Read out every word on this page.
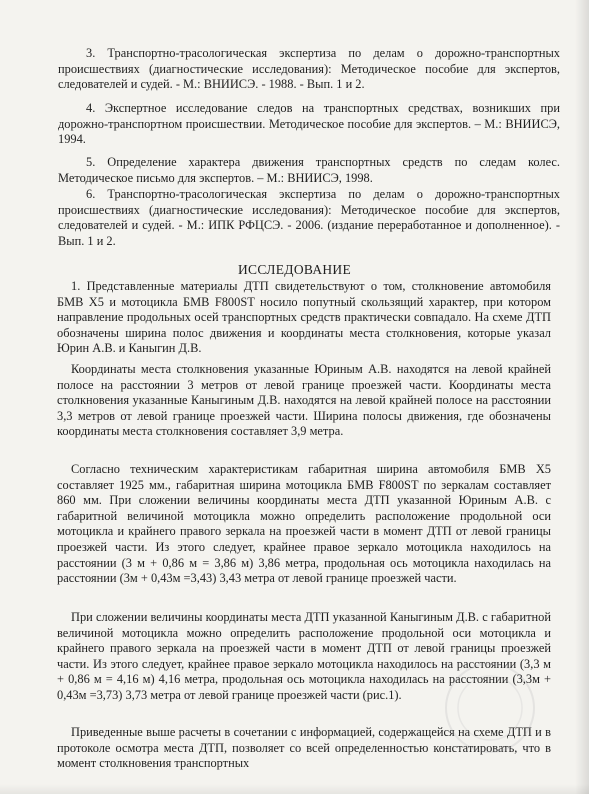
3. Транспортно-трасологическая экспертиза по делам о дорожно-транспортных происшествиях (диагностические исследования): Методическое пособие для экспертов, следователей и судей. - М.: ВНИИСЭ. - 1988. - Вып. 1 и 2.
4. Экспертное исследование следов на транспортных средствах, возникших при дорожно-транспортном происшествии. Методическое пособие для экспертов. – М.: ВНИИСЭ, 1994.
5. Определение характера движения транспортных средств по следам колес. Методическое письмо для экспертов. – М.: ВНИИСЭ, 1998.
6. Транспортно-трасологическая экспертиза по делам о дорожно-транспортных происшествиях (диагностические исследования): Методическое пособие для экспертов, следователей и судей. - М.: ИПК РФЦСЭ. - 2006. (издание переработанное и дополненное). - Вып. 1 и 2.
ИССЛЕДОВАНИЕ
1. Представленные материалы ДТП свидетельствуют о том, столкновение автомобиля БМВ Х5 и мотоцикла БМВ F800ST носило попутный скользящий характер, при котором направление продольных осей транспортных средств практически совпадало. На схеме ДТП обозначены ширина полос движения и координаты места столкновения, которые указал Юрин А.В. и Каныгин Д.В.
Координаты места столкновения указанные Юриным А.В. находятся на левой крайней полосе на расстоянии 3 метров от левой границе проезжей части. Координаты места столкновения указанные Каныгиным Д.В. находятся на левой крайней полосе на расстоянии 3,3 метров от левой границе проезжей части. Ширина полосы движения, где обозначены координаты места столкновения составляет 3,9 метра.
Согласно техническим характеристикам габаритная ширина автомобиля БМВ Х5 составляет 1925 мм., габаритная ширина мотоцикла БМВ F800ST по зеркалам составляет 860 мм. При сложении величины координаты места ДТП указанной Юриным А.В. с габаритной величиной мотоцикла можно определить расположение продольной оси мотоцикла и крайнего правого зеркала на проезжей части в момент ДТП от левой границы проезжей части. Из этого следует, крайнее правое зеркало мотоцикла находилось на расстоянии (3 м + 0,86 м = 3,86 м) 3,86 метра, продольная ось мотоцикла находилась на расстоянии (3м + 0,43м =3,43) 3,43 метра от левой границе проезжей части.
При сложении величины координаты места ДТП указанной Каныгиным Д.В. с габаритной величиной мотоцикла можно определить расположение продольной оси мотоцикла и крайнего правого зеркала на проезжей части в момент ДТП от левой границы проезжей части. Из этого следует, крайнее правое зеркало мотоцикла находилось на расстоянии (3,3 м + 0,86 м = 4,16 м) 4,16 метра, продольная ось мотоцикла находилась на расстоянии (3,3м + 0,43м =3,73) 3,73 метра от левой границе проезжей части (рис.1).
Приведенные выше расчеты в сочетании с информацией, содержащейся на схеме ДТП и в протоколе осмотра места ДТП, позволяет со всей определенностью констатировать, что в момент столкновения транспортных
